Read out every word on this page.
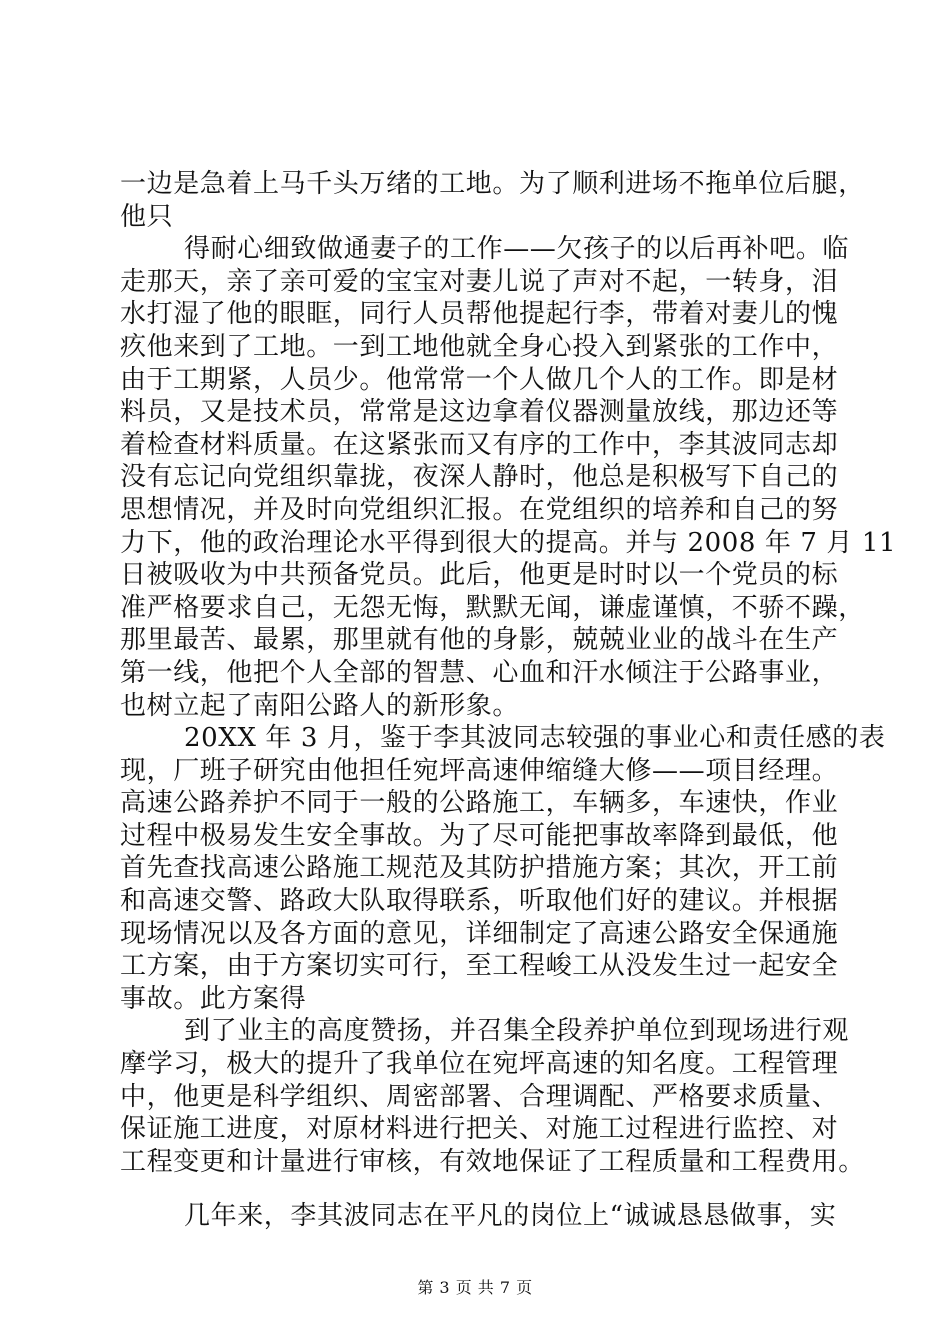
一边是急着上马千头万绪的工地。为了顺利进场不拖单位后腿，
他只
得耐心细致做通妻子的工作——欠孩子的以后再补吧。临
走那天，亲了亲可爱的宝宝对妻儿说了声对不起，一转身，泪
水打湿了他的眼眶，同行人员帮他提起行李，带着对妻儿的愧
疚他来到了工地。一到工地他就全身心投入到紧张的工作中，
由于工期紧，人员少。他常常一个人做几个人的工作。即是材
料员，又是技术员，常常是这边拿着仪器测量放线，那边还等
着检查材料质量。在这紧张而又有序的工作中，李其波同志却
没有忘记向党组织靠拢，夜深人静时，他总是积极写下自己的
思想情况，并及时向党组织汇报。在党组织的培养和自己的努
力下，他的政治理论水平得到很大的提高。并与 2008 年 7 月 11
日被吸收为中共预备党员。此后，他更是时时以一个党员的标
准严格要求自己，无怨无悔，默默无闻，谦虚谨慎，不骄不躁，
那里最苦、最累，那里就有他的身影，兢兢业业的战斗在生产
第一线，他把个人全部的智慧、心血和汗水倾注于公路事业，
也树立起了南阳公路人的新形象。
20XX 年 3 月，鉴于李其波同志较强的事业心和责任感的表
现，厂班子研究由他担任宛坪高速伸缩缝大修——项目经理。
高速公路养护不同于一般的公路施工，车辆多，车速快，作业
过程中极易发生安全事故。为了尽可能把事故率降到最低，他
首先查找高速公路施工规范及其防护措施方案；其次，开工前
和高速交警、路政大队取得联系，听取他们好的建议。并根据
现场情况以及各方面的意见，详细制定了高速公路安全保通施
工方案，由于方案切实可行，至工程峻工从没发生过一起安全
事故。此方案得
到了业主的高度赞扬，并召集全段养护单位到现场进行观
摩学习，极大的提升了我单位在宛坪高速的知名度。工程管理
中，他更是科学组织、周密部署、合理调配、严格要求质量、
保证施工进度，对原材料进行把关、对施工过程进行监控、对
工程变更和计量进行审核，有效地保证了工程质量和工程费用。
几年来，李其波同志在平凡的岗位上“诚诚恳恳做事，实
第 3 页 共 7 页
